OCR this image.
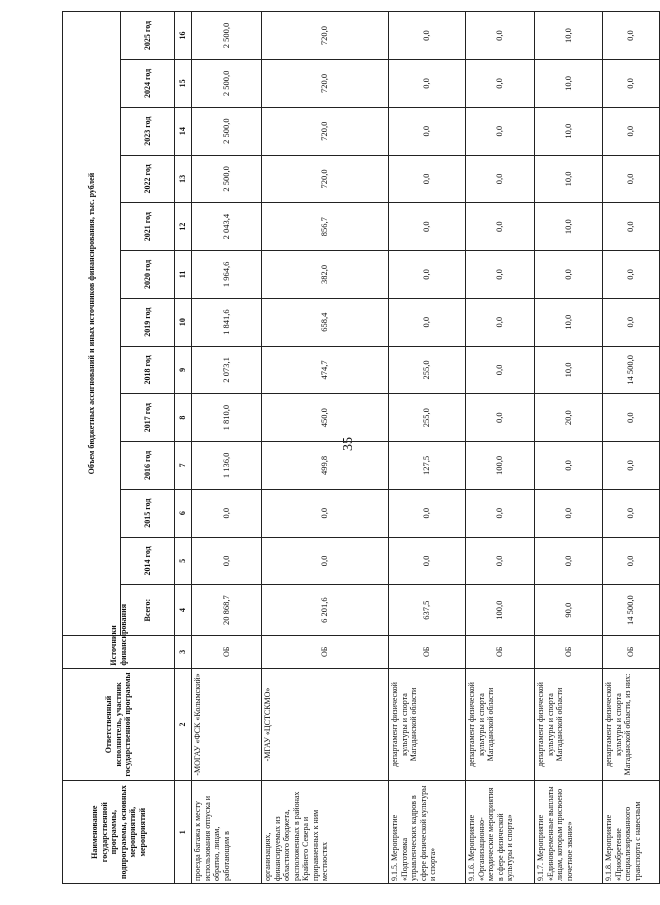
35
Наименование государственной программы, подпрограммы, основных мероприятий, мероприятий	Ответственный исполнитель, участник государственной программы	Источники финансирования	Объем бюджетных ассигнований и иных источников финансирования, тыс. рублей												
			Всего:	2014 год	2015 год	2016 год	2017 год	2018 год	2019 год	2020 год	2021 год	2022 год	2023 год	2024 год	2025 год
1	2	3	4	5	6	7	8	9	10	11	12	13	14	15	16
проезда багажа к месту использования отпуска и обратно, лицам, работающим в	-МОГАУ «ФСК «Колымский»	ОБ	20 868,7	0,0	0,0	1 136,0	1 810,0	2 073,1	1 841,6	1 964,6	2 043,4	2 500,0	2 500,0	2 500,0	2 500,0
организациях, финансируемых из областного бюджета, расположенных в районах Крайнего Севера и приравненных к ним местностях	-МГАУ «ЦСТСКМО»	ОБ	6 201,6	0,0	0,0	499,8	450,0	474,7	658,4	382,0	856,7	720,0	720,0	720,0	720,0
9.1.5. Мероприятие «Подготовка управленческих кадров в сфере физической культуры и спорта»	департамент физической культуры и спорта Магаданской области	ОБ	637,5	0,0	0,0	127,5	255,0	255,0	0,0	0,0	0,0	0,0	0,0	0,0	0,0
9.1.6. Мероприятие «Организационно-методические мероприятия в сфере физической культуры и спорта»	департамент физической культуры и спорта Магаданской области	ОБ	100,0	0,0	0,0	100,0	0,0	0,0	0,0	0,0	0,0	0,0	0,0	0,0	0,0
9.1.7. Мероприятие «Единовременные выплаты лицам, которым присвоено почетное звание»	департамент физической культуры и спорта Магаданской области	ОБ	90,0	0,0	0,0	0,0	20,0	10,0	10,0	0,0	10,0	10,0	10,0	10,0	10,0
9.1.8. Мероприятие «Приобретение специализированного транспорта с навесным	департамент физической культуры и спорта Магаданской области, из них:	ОБ	14 500,0	0,0	0,0	0,0	0,0	14 500,0	0,0	0,0	0,0	0,0	0,0	0,0	0,0
